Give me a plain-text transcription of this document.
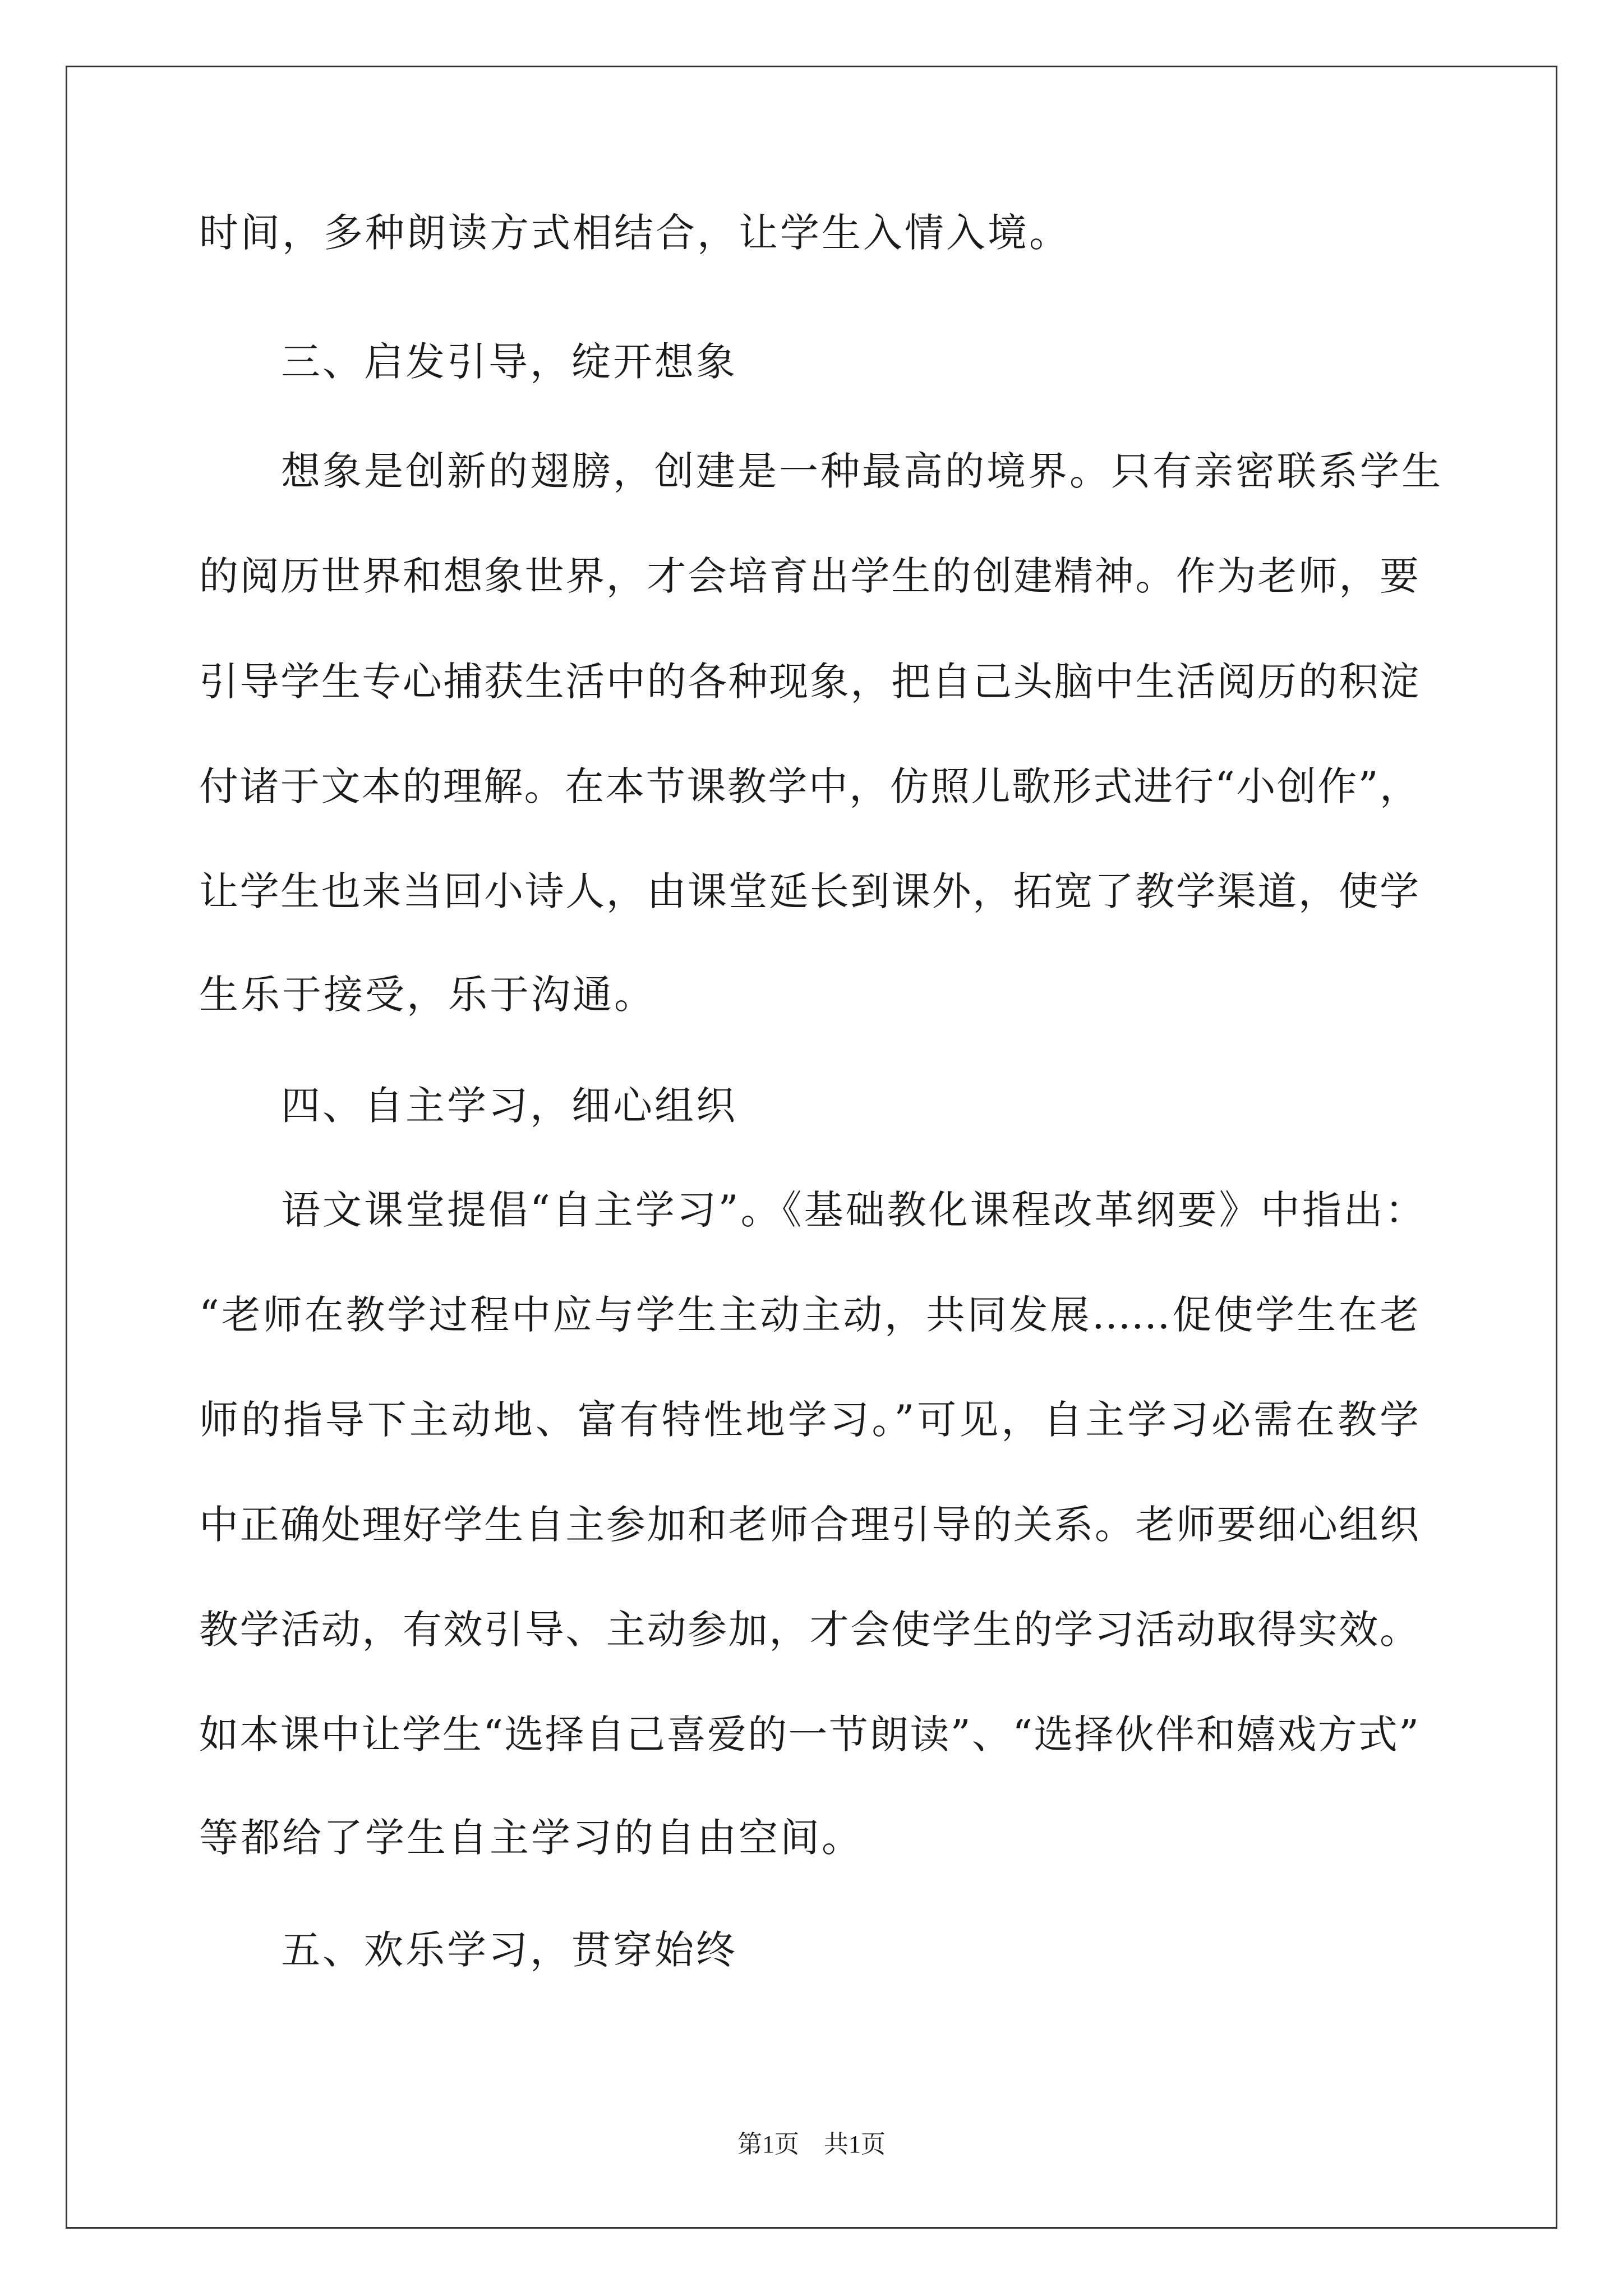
时间，多种朗读方式相结合，让学生入情入境。
三、启发引导，绽开想象
想象是创新的翅膀，创建是一种最高的境界。只有亲密联系学生
的阅历世界和想象世界，才会培育出学生的创建精神。作为老师，要
引导学生专心捕获生活中的各种现象，把自己头脑中生活阅历的积淀
付诸于文本的理解。在本节课教学中，仿照儿歌形式进行“小创作”，
让学生也来当回小诗人，由课堂延长到课外，拓宽了教学渠道，使学
生乐于接受，乐于沟通。
四、自主学习，细心组织
语文课堂提倡“自主学习”。《基础教化课程改革纲要》中指出：
“老师在教学过程中应与学生主动主动，共同发展……促使学生在老
师的指导下主动地、富有特性地学习。”可见，自主学习必需在教学
中正确处理好学生自主参加和老师合理引导的关系。老师要细心组织
教学活动，有效引导、主动参加，才会使学生的学习活动取得实效。
如本课中让学生“选择自己喜爱的一节朗读”、“选择伙伴和嬉戏方式”
等都给了学生自主学习的自由空间。
五、欢乐学习，贯穿始终
第1页　共1页
